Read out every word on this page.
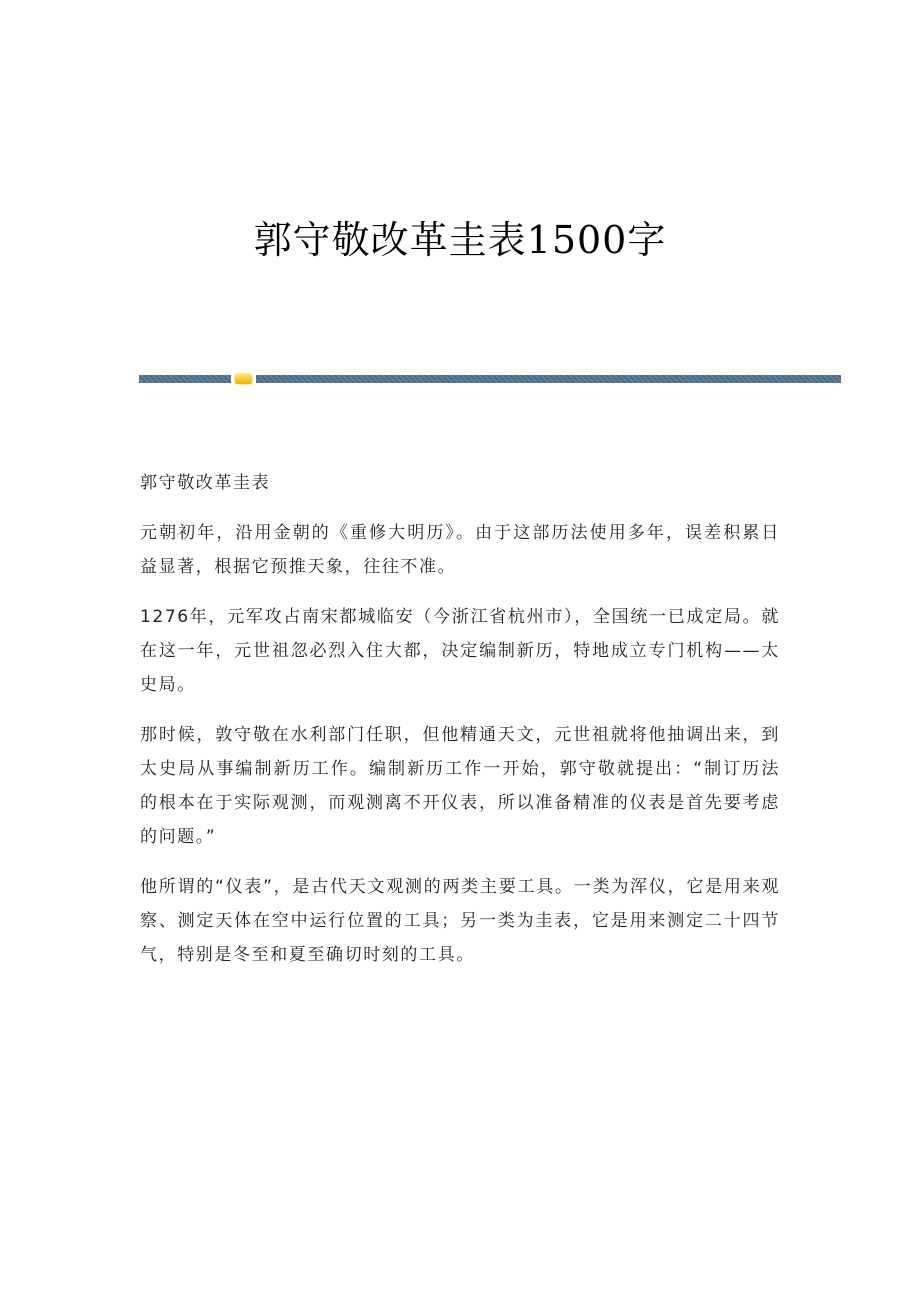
郭守敬改革圭表1500字

郭守敬改革圭表

元朝初年，沿用金朝的《重修大明历》。由于这部历法使用多年，误差积累日益显著，根据它预推天象，往往不准。

1276年，元军攻占南宋都城临安（今浙江省杭州市），全国统一已成定局。就在这一年，元世祖忽必烈入住大都，决定编制新历，特地成立专门机构——太史局。

那时候，敦守敬在水利部门任职，但他精通天文，元世祖就将他抽调出来，到太史局从事编制新历工作。编制新历工作一开始，郭守敬就提出：“制订历法的根本在于实际观测，而观测离不开仪表，所以准备精准的仪表是首先要考虑的问题。”

他所谓的“仪表”，是古代天文观测的两类主要工具。一类为浑仪，它是用来观察、测定天体在空中运行位置的工具；另一类为圭表，它是用来测定二十四节气，特别是冬至和夏至确切时刻的工具。
